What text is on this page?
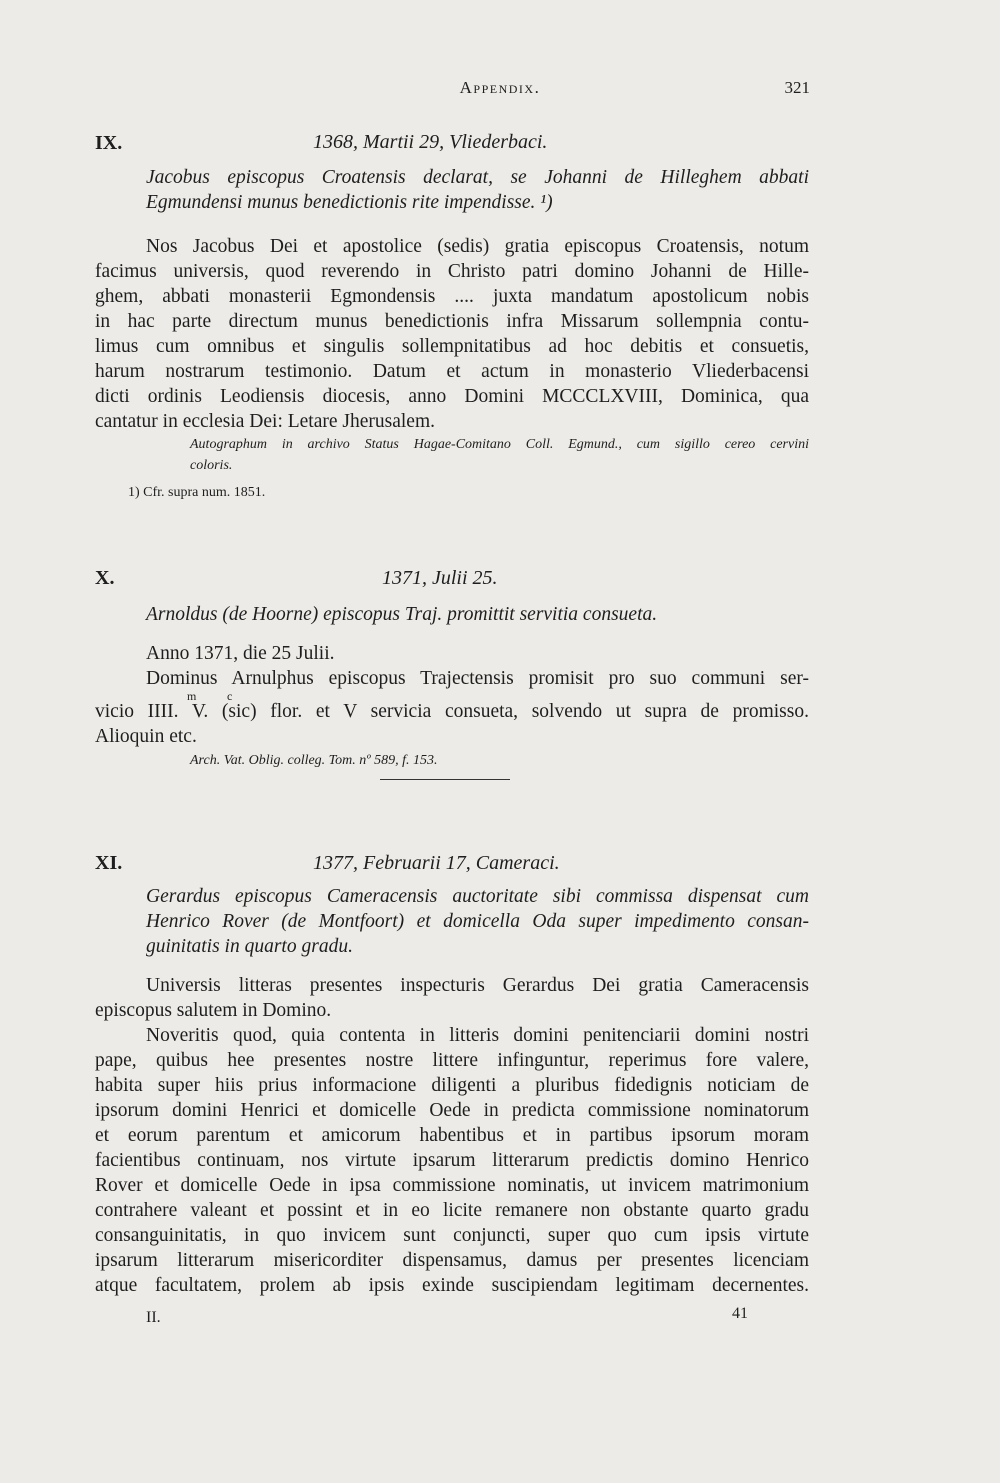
Appendix.	321
IX.	1368, Martii 29, Vliederbaci.
Jacobus episcopus Croatensis declarat, se Johanni de Hilleghem abbati
Egmundensi munus benedictionis rite impendisse. ¹)
Nos Jacobus Dei et apostolice (sedis) gratia episcopus Croatensis, notum
facimus universis, quod reverendo in Christo patri domino Johanni de Hille-
ghem, abbati monasterii Egmondensis .... juxta mandatum apostolicum nobis
in hac parte directum munus benedictionis infra Missarum sollempnia contu-
limus cum omnibus et singulis sollempnitatibus ad hoc debitis et consuetis,
harum nostrarum testimonio. Datum et actum in monasterio Vliederbacensi
dicti ordinis Leodiensis diocesis, anno Domini MCCCLXVIII, Dominica, qua
cantatur in ecclesia Dei: Letare Jherusalem.
Autographum in archivo Status Hagae-Comitano Coll. Egmund., cum sigillo cereo cervini
coloris.
1) Cfr. supra num. 1851.
X.	1371, Julii 25.
Arnoldus (de Hoorne) episcopus Traj. promittit servitia consueta.
Anno 1371, die 25 Julii.
Dominus Arnulphus episcopus Trajectensis promisit pro suo communi ser-
m	c
vicio IIII. V. (sic) flor. et V servicia consueta, solvendo ut supra de promisso.
Alioquin etc.
Arch. Vat. Oblig. colleg. Tom. nº 589, f. 153.
XI.	1377, Februarii 17, Cameraci.
Gerardus episcopus Cameracensis auctoritate sibi commissa dispensat cum
Henrico Rover (de Montfoort) et domicella Oda super impedimento consan-
guinitatis in quarto gradu.
Universis litteras presentes inspecturis Gerardus Dei gratia Cameracensis
episcopus salutem in Domino.
Noveritis quod, quia contenta in litteris domini penitenciarii domini nostri
pape, quibus hee presentes nostre littere infinguntur, reperimus fore valere,
habita super hiis prius informacione diligenti a pluribus fidedignis noticiam de
ipsorum domini Henrici et domicelle Oede in predicta commissione nominatorum
et eorum parentum et amicorum habentibus et in partibus ipsorum moram
facientibus continuam, nos virtute ipsarum litterarum predictis domino Henrico
Rover et domicelle Oede in ipsa commissione nominatis, ut invicem matrimonium
contrahere valeant et possint et in eo licite remanere non obstante quarto gradu
consanguinitatis, in quo invicem sunt conjuncti, super quo cum ipsis virtute
ipsarum litterarum misericorditer dispensamus, damus per presentes licenciam
atque facultatem, prolem ab ipsis exinde suscipiendam legitimam decernentes.
II.	41
